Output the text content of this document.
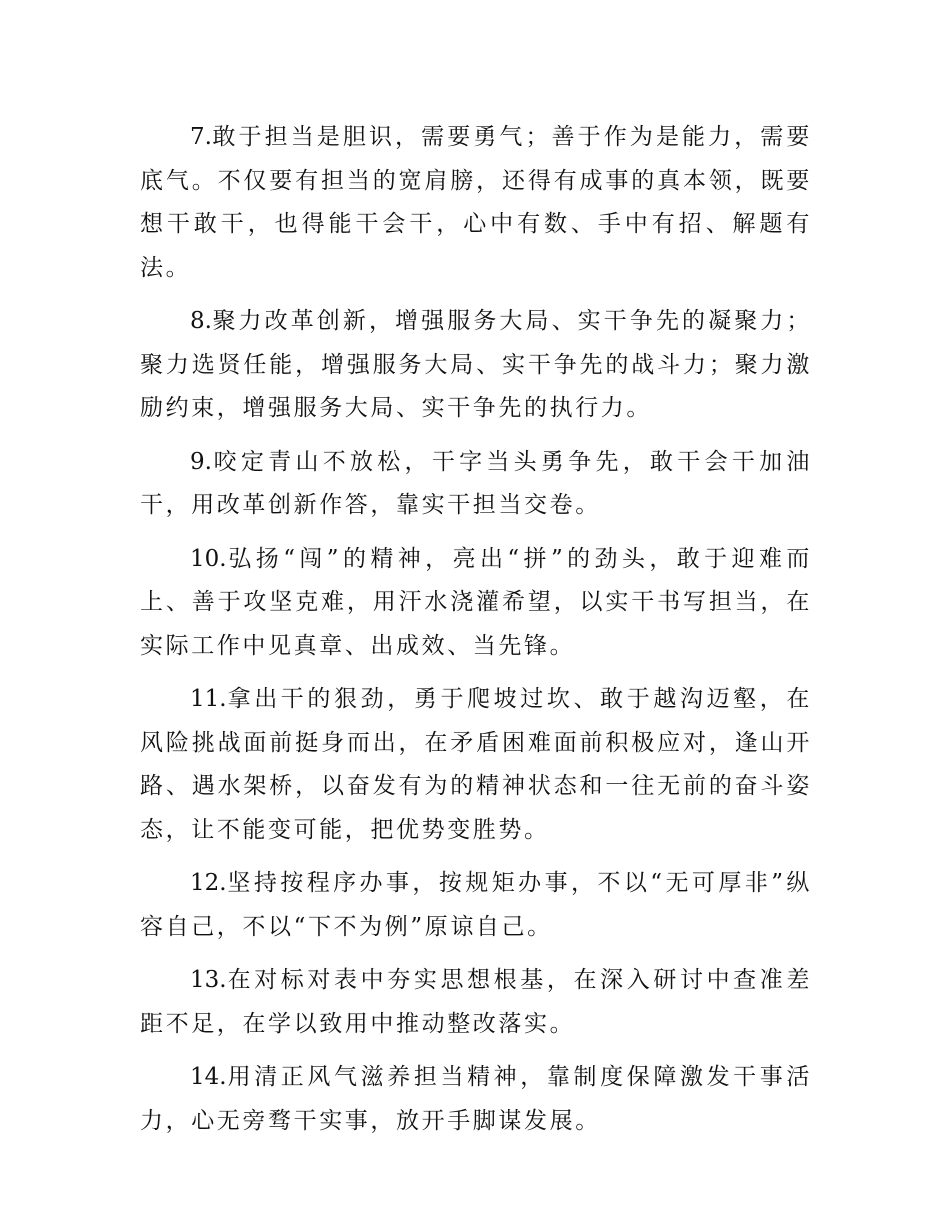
7.敢于担当是胆识，需要勇气；善于作为是能力，需要底气。不仅要有担当的宽肩膀，还得有成事的真本领，既要想干敢干，也得能干会干，心中有数、手中有招、解题有法。

8.聚力改革创新，增强服务大局、实干争先的凝聚力；聚力选贤任能，增强服务大局、实干争先的战斗力；聚力激励约束，增强服务大局、实干争先的执行力。

9.咬定青山不放松，干字当头勇争先，敢干会干加油干，用改革创新作答，靠实干担当交卷。

10.弘扬“闯”的精神，亮出“拼”的劲头，敢于迎难而上、善于攻坚克难，用汗水浇灌希望，以实干书写担当，在实际工作中见真章、出成效、当先锋。

11.拿出干的狠劲，勇于爬坡过坎、敢于越沟迈壑，在风险挑战面前挺身而出，在矛盾困难面前积极应对，逢山开路、遇水架桥，以奋发有为的精神状态和一往无前的奋斗姿态，让不能变可能，把优势变胜势。

12.坚持按程序办事，按规矩办事，不以“无可厚非”纵容自己，不以“下不为例”原谅自己。

13.在对标对表中夯实思想根基，在深入研讨中查准差距不足，在学以致用中推动整改落实。

14.用清正风气滋养担当精神，靠制度保障激发干事活力，心无旁骛干实事，放开手脚谋发展。
